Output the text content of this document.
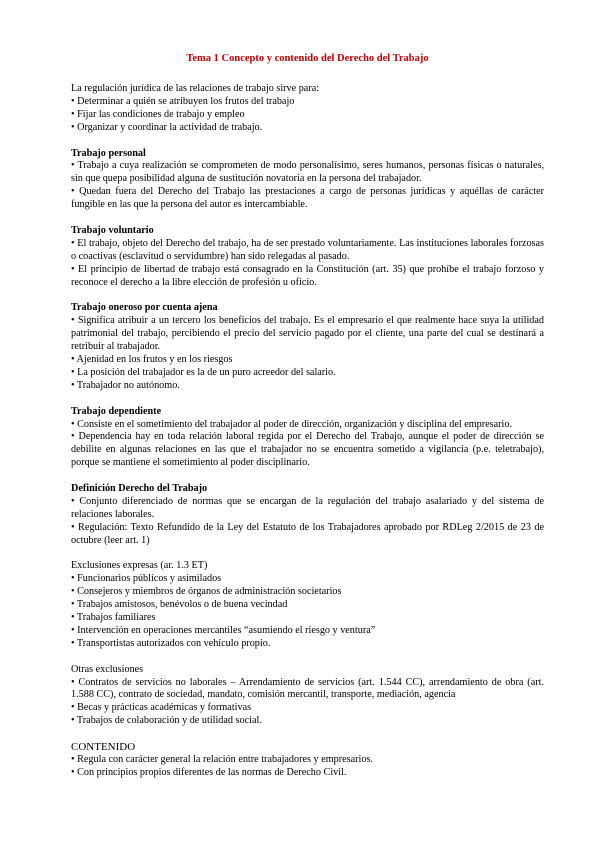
Tema 1 Concepto y contenido del Derecho del Trabajo

La regulación jurídica de las relaciones de trabajo sirve para:

• Determinar a quién se atribuyen los frutos del trabajo

• Fijar las condiciones de trabajo y empleo

• Organizar y coordinar la actividad de trabajo.

Trabajo personal

• Trabajo a cuya realización se comprometen de modo personalísimo, seres humanos, personas físicas o naturales, sin que quepa posibilidad alguna de sustitución novatoria en la persona del trabajador.

• Quedan fuera del Derecho del Trabajo las prestaciones a cargo de personas jurídicas y aquéllas de carácter fungible en las que la persona del autor es intercambiable.

Trabajo voluntario

• El trabajo, objeto del Derecho del trabajo, ha de ser prestado voluntariamente. Las instituciones laborales forzosas o coactivas (esclavitud o servidumbre) han sido relegadas al pasado.

• El principio de libertad de trabajo está consagrado en la Constitución (art. 35) que prohíbe el trabajo forzoso y reconoce el derecho a la libre elección de profesión u oficio.

Trabajo oneroso por cuenta ajena

• Significa atribuir a un tercero los beneficios del trabajo. Es el empresario el que realmente hace suya la utilidad patrimonial del trabajo, percibiendo el precio del servicio pagado por el cliente, una parte del cual se destinará a retribuir al trabajador.

• Ajenidad en los frutos y en los riesgos

• La posición del trabajador es la de un puro acreedor del salario.

• Trabajador no autónomo.

Trabajo dependiente

• Consiste en el sometimiento del trabajador al poder de dirección, organización y disciplina del empresario.

• Dependencia hay en toda relación laboral regida por el Derecho del Trabajo, aunque el poder de dirección se debilite en algunas relaciones en las que el trabajador no se encuentra sometido a vigilancia (p.e. teletrabajo), porque se mantiene el sometimiento al poder disciplinario.

Definición Derecho del Trabajo

• Conjunto diferenciado de normas que se encargan de la regulación del trabajo asalariado y del sistema de relaciones laborales.

• Regulación: Texto Refundido de la Ley del Estatuto de los Trabajadores aprobado por RDLeg 2/2015 de 23 de octubre (leer art. 1)

Exclusiones expresas (ar. 1.3 ET)

• Funcionarios públicos y asimilados

• Consejeros y miembros de órganos de administración societarios

• Trabajos amistosos, benévolos o de buena vecindad

• Trabajos familiares

• Intervención en operaciones mercantiles “asumiendo el riesgo y ventura”

• Transportistas autorizados con vehículo propio.

Otras exclusiones

• Contratos de servicios no laborales – Arrendamiento de servicios (art. 1.544 CC), arrendamiento de obra (art. 1.588 CC), contrato de sociedad, mandato, comisión mercantil, transporte, mediación, agencia

• Becas y prácticas académicas y formativas

• Trabajos de colaboración y de utilidad social.

CONTENIDO

• Regula con carácter general la relación entre trabajadores y empresarios.

• Con principios propios diferentes de las normas de Derecho Civil.
